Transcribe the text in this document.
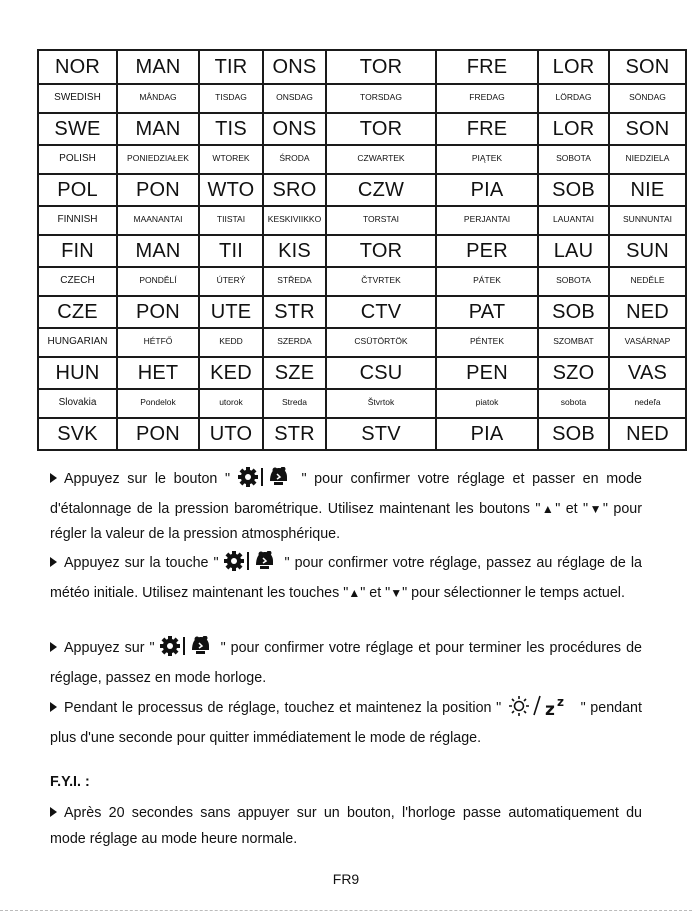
NOR	MAN	TIR	ONS	TOR	FRE	LOR	SON
SWEDISH	MÅNDAG	TISDAG	ONSDAG	TORSDAG	FREDAG	LÖRDAG	SÖNDAG
SWE	MAN	TIS	ONS	TOR	FRE	LOR	SON
POLISH	PONIEDZIAŁEK	WTOREK	ŚRODA	CZWARTEK	PIĄTEK	SOBOTA	NIEDZIELA
POL	PON	WTO	SRO	CZW	PIA	SOB	NIE
FINNISH	MAANANTAI	TIISTAI	KESKIVIIKKO	TORSTAI	PERJANTAI	LAUANTAI	SUNNUNTAI
FIN	MAN	TII	KIS	TOR	PER	LAU	SUN
CZECH	PONDĚLÍ	ÚTERÝ	STŘEDA	ČTVRTEK	PÁTEK	SOBOTA	NEDĚLE
CZE	PON	UTE	STR	CTV	PAT	SOB	NED
HUNGARIAN	HÉTFŐ	KEDD	SZERDA	CSÜTÖRTÖK	PÉNTEK	SZOMBAT	VASÁRNAP
HUN	HET	KED	SZE	CSU	PEN	SZO	VAS
Slovakia	Pondelok	utorok	Streda	Štvrtok	piatok	sobota	nedeľa
SVK	PON	UTO	STR	STV	PIA	SOB	NED
Appuyez sur le bouton "	" pour confirmer votre réglage et passer en mode d'étalonnage de la pression barométrique. Utilisez maintenant les boutons "▲" et "▼" pour régler la valeur de la pression atmosphérique.
Appuyez sur la touche "	" pour confirmer votre réglage, passez au réglage de la météo initiale. Utilisez maintenant les touches "▲" et "▼" pour sélectionner le temps actuel.
Appuyez sur "	" pour confirmer votre réglage et pour terminer les procédures de réglage, passez en mode horloge.
Pendant le processus de réglage, touchez et maintenez la position "	z z " pendant plus d'une seconde pour quitter immédiatement le mode de réglage.
F.Y.I. :
Après 20 secondes sans appuyer sur un bouton, l'horloge passe automatiquement du mode réglage au mode heure normale.
FR9
